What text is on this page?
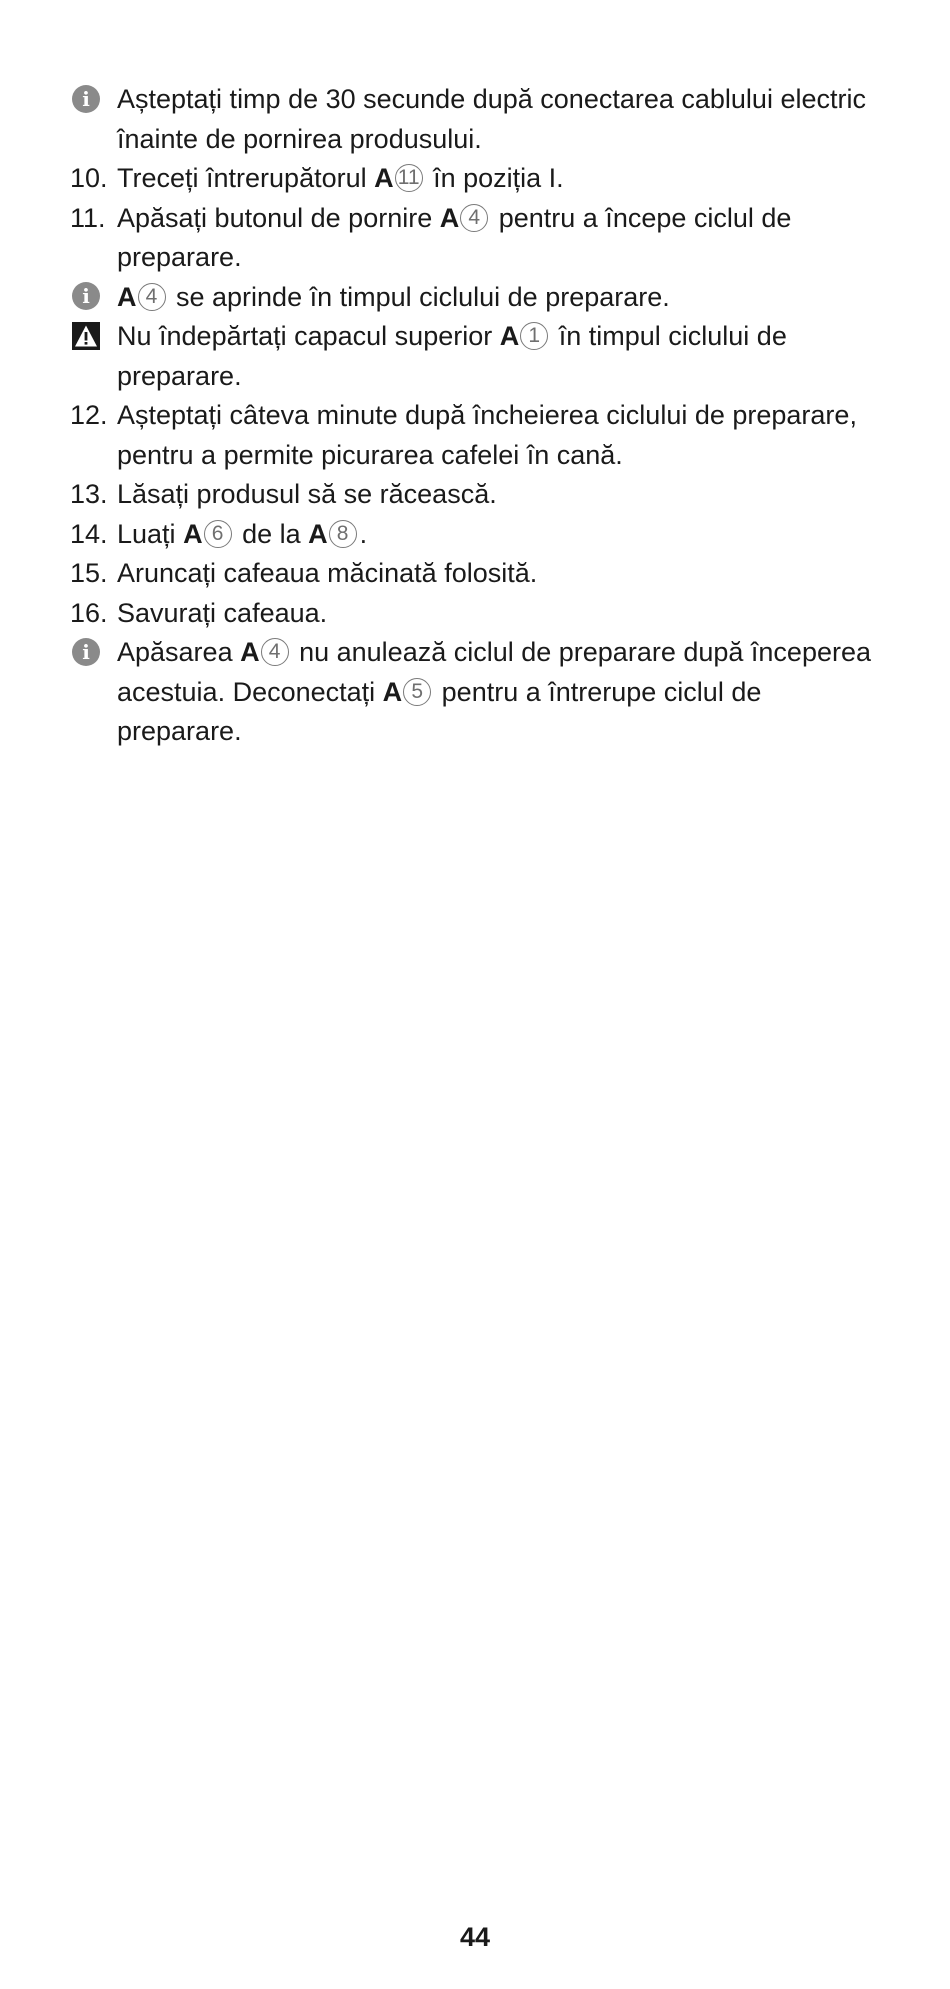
i	Așteptați timp de 30 secunde după conectarea cablului electric înainte de pornirea produsului.

10. Treceți întrerupătorul A 11 în poziția I.

11. Apăsați butonul de pornire A 4 pentru a începe ciclul de preparare.

i	A 4 se aprinde în timpul ciclului de preparare.

Nu îndepărtați capacul superior A 1 în timpul ciclului de preparare.

12. Așteptați câteva minute după încheierea ciclului de preparare, pentru a permite picurarea cafelei în cană.

13. Lăsați produsul să se răcească.

14. Luați A 6 de la A 8 .

15. Aruncați cafeaua măcinată folosită.

16. Savurați cafeaua.

i	Apăsarea A 4 nu anulează ciclul de preparare după începerea acestuia. Deconectați A 5 pentru a întrerupe ciclul de preparare.

44
